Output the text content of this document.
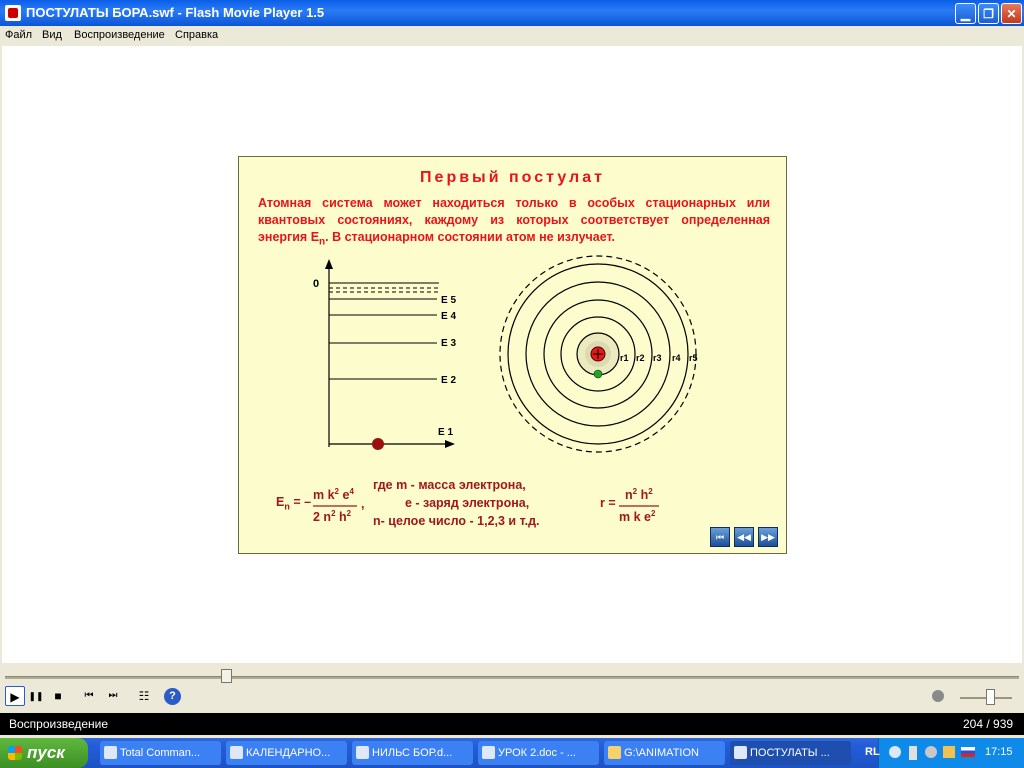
ПОСТУЛАТЫ БОРА.swf - Flash Movie Player 1.5	▁	❐	✕
Файл Вид Воспроизведение Справка
Первый постулат
Атомная система может находиться только в особых стационарных или квантовых состояниях, каждому из которых соответствует определенная энергия $E_n$. В стационарном состоянии атом не излучает.
0
E 5
E 4
E 3
E 2
E 1
r1 r2 r3 r4 r5
$E_n$ = – m $k^2$ $e^4$
2 $n^2$ $h^2$
,
где m - масса электрона,
e - заряд электрона,
n- целое число - 1,2,3 и т.д.
r =
$n^2$ $h^2$
m k $e^2$
⏮	◀◀	▶▶
▶ ❚❚ ■	⏮	⏭	☷	?
Воспроизведение	204 / 939
пуск	Total Comman...	КАЛЕНДАРНО...	НИЛЬС БОР.d...	УРОК 2.doc - ...	G:\ANIMATION	ПОСТУЛАТЫ ...	RL	17:15
